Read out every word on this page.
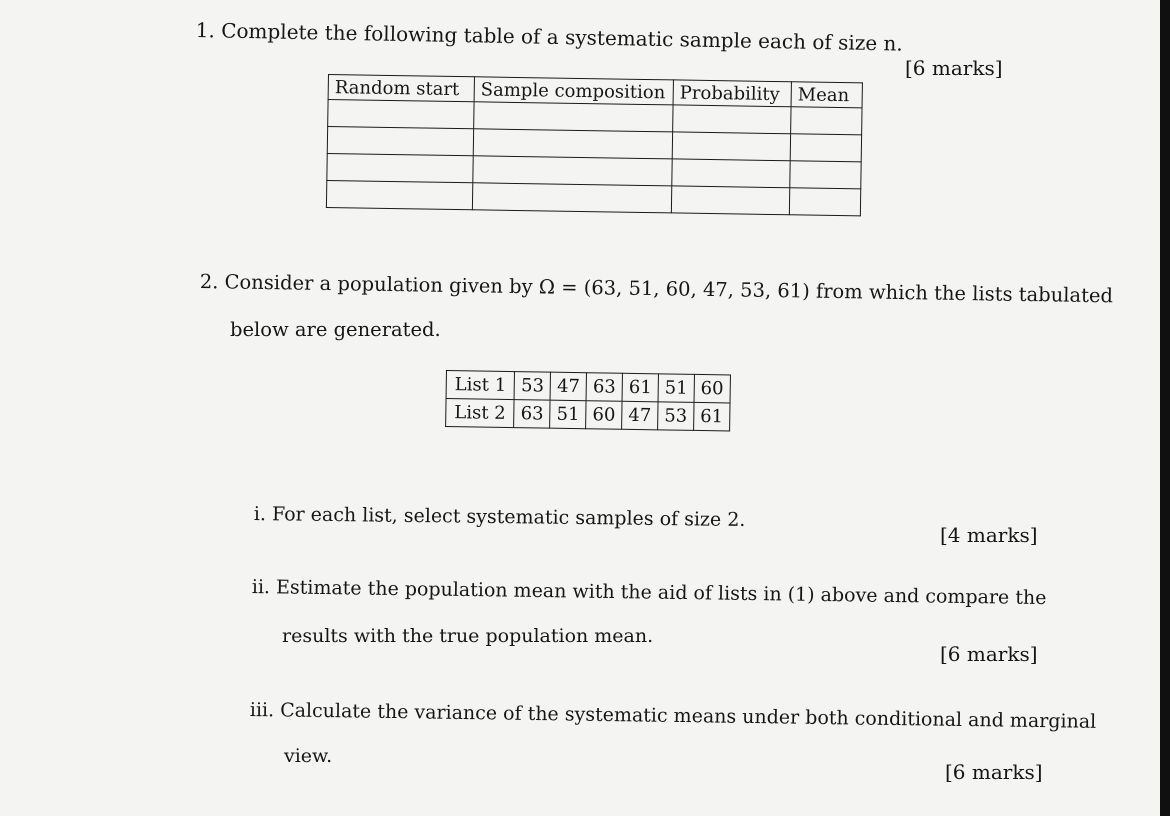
1. Complete the following table of a systematic sample each of size n.
[6 marks]
Random start	Sample composition	Probability	Mean

2. Consider a population given by Ω = (63, 51, 60, 47, 53, 61) from which the lists tabulated
below are generated.
List 1	53	47	63	61	51	60
List 2	63	51	60	47	53	61
i. For each list, select systematic samples of size 2.
[4 marks]
ii. Estimate the population mean with the aid of lists in (1) above and compare the
results with the true population mean.
[6 marks]
iii. Calculate the variance of the systematic means under both conditional and marginal
view.
[6 marks]
